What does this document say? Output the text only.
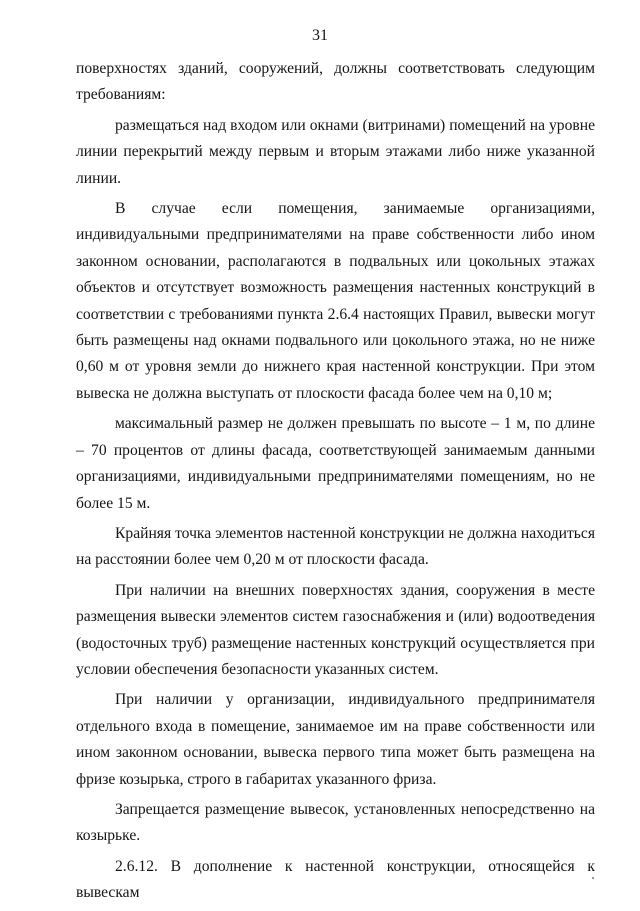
31

поверхностях зданий, сооружений, должны соответствовать следующим требованиям:

размещаться над входом или окнами (витринами) помещений на уровне линии перекрытий между первым и вторым этажами либо ниже указанной линии.

В случае если помещения, занимаемые организациями, индивидуальными предпринимателями на праве собственности либо ином законном основании, располагаются в подвальных или цокольных этажах объектов и отсутствует возможность размещения настенных конструкций в соответствии с требованиями пункта 2.6.4 настоящих Правил, вывески могут быть размещены над окнами подвального или цокольного этажа, но не ниже 0,60 м от уровня земли до нижнего края настенной конструкции. При этом вывеска не должна выступать от плоскости фасада более чем на 0,10 м;

максимальный размер не должен превышать по высоте – 1 м, по длине – 70 процентов от длины фасада, соответствующей занимаемым данными организациями, индивидуальными предпринимателями помещениям, но не более 15 м.

Крайняя точка элементов настенной конструкции не должна находиться на расстоянии более чем 0,20 м от плоскости фасада.

При наличии на внешних поверхностях здания, сооружения в месте размещения вывески элементов систем газоснабжения и (или) водоотведения (водосточных труб) размещение настенных конструкций осуществляется при условии обеспечения безопасности указанных систем.

При наличии у организации, индивидуального предпринимателя отдельного входа в помещение, занимаемое им на праве собственности или ином законном основании, вывеска первого типа может быть размещена на фризе козырька, строго в габаритах указанного фриза.

Запрещается размещение вывесок, установленных непосредственно на козырьке.

2.6.12. В дополнение к настенной конструкции, относящейся к вывескам
